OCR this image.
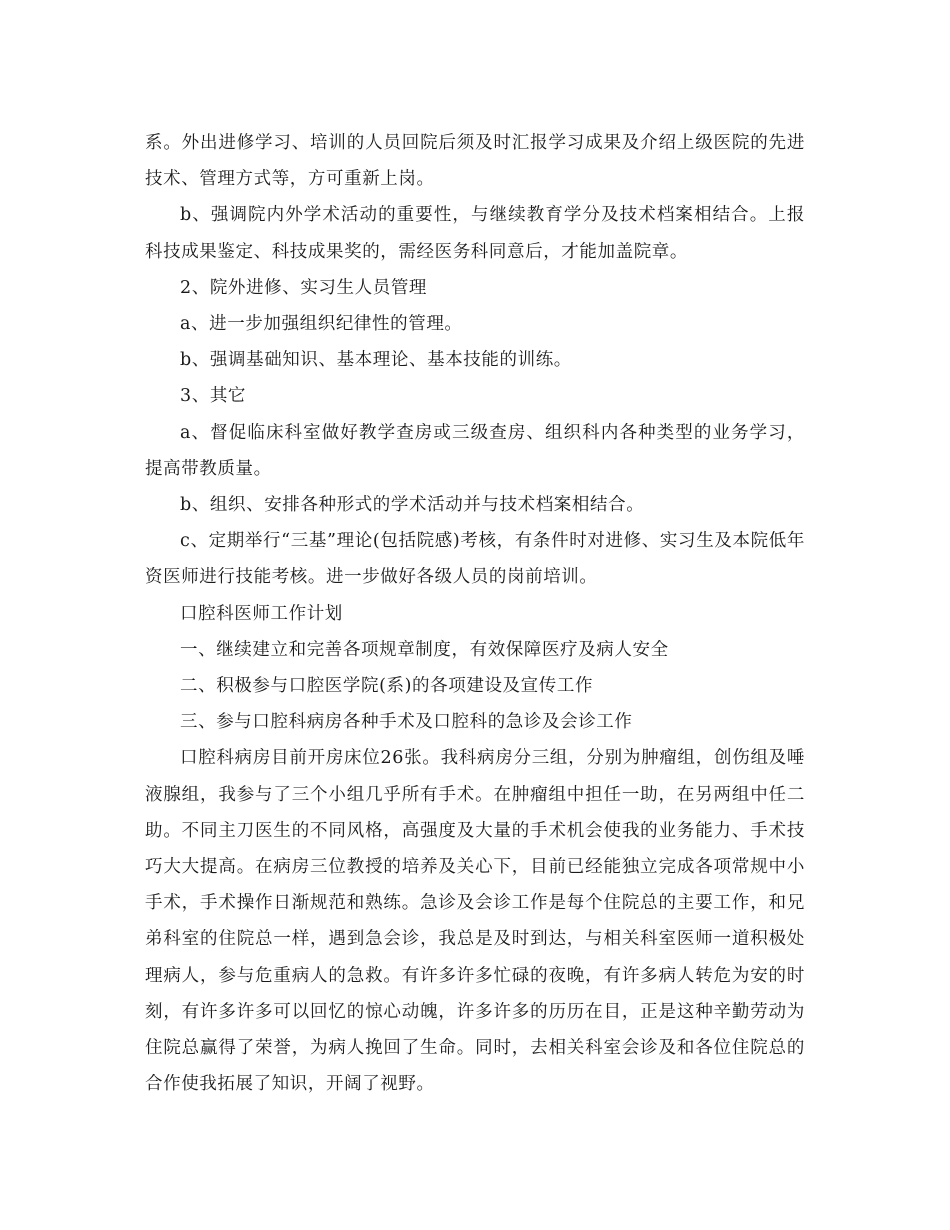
系。外出进修学习、培训的人员回院后须及时汇报学习成果及介绍上级医院的先进技术、管理方式等，方可重新上岗。

b、强调院内外学术活动的重要性，与继续教育学分及技术档案相结合。上报科技成果鉴定、科技成果奖的，需经医务科同意后，才能加盖院章。

2、院外进修、实习生人员管理

a、进一步加强组织纪律性的管理。

b、强调基础知识、基本理论、基本技能的训练。

3、其它

a、督促临床科室做好教学查房或三级查房、组织科内各种类型的业务学习，提高带教质量。

b、组织、安排各种形式的学术活动并与技术档案相结合。

c、定期举行“三基”理论(包括院感)考核，有条件时对进修、实习生及本院低年资医师进行技能考核。进一步做好各级人员的岗前培训。

口腔科医师工作计划

一、继续建立和完善各项规章制度，有效保障医疗及病人安全

二、积极参与口腔医学院(系)的各项建设及宣传工作

三、参与口腔科病房各种手术及口腔科的急诊及会诊工作

口腔科病房目前开房床位26张。我科病房分三组，分别为肿瘤组，创伤组及唾液腺组，我参与了三个小组几乎所有手术。在肿瘤组中担任一助，在另两组中任二助。不同主刀医生的不同风格，高强度及大量的手术机会使我的业务能力、手术技巧大大提高。在病房三位教授的培养及关心下，目前已经能独立完成各项常规中小手术，手术操作日渐规范和熟练。急诊及会诊工作是每个住院总的主要工作，和兄弟科室的住院总一样，遇到急会诊，我总是及时到达，与相关科室医师一道积极处理病人，参与危重病人的急救。有许多许多忙碌的夜晚，有许多病人转危为安的时刻，有许多许多可以回忆的惊心动魄，许多许多的历历在目，正是这种辛勤劳动为住院总赢得了荣誉，为病人挽回了生命。同时，去相关科室会诊及和各位住院总的合作使我拓展了知识，开阔了视野。
